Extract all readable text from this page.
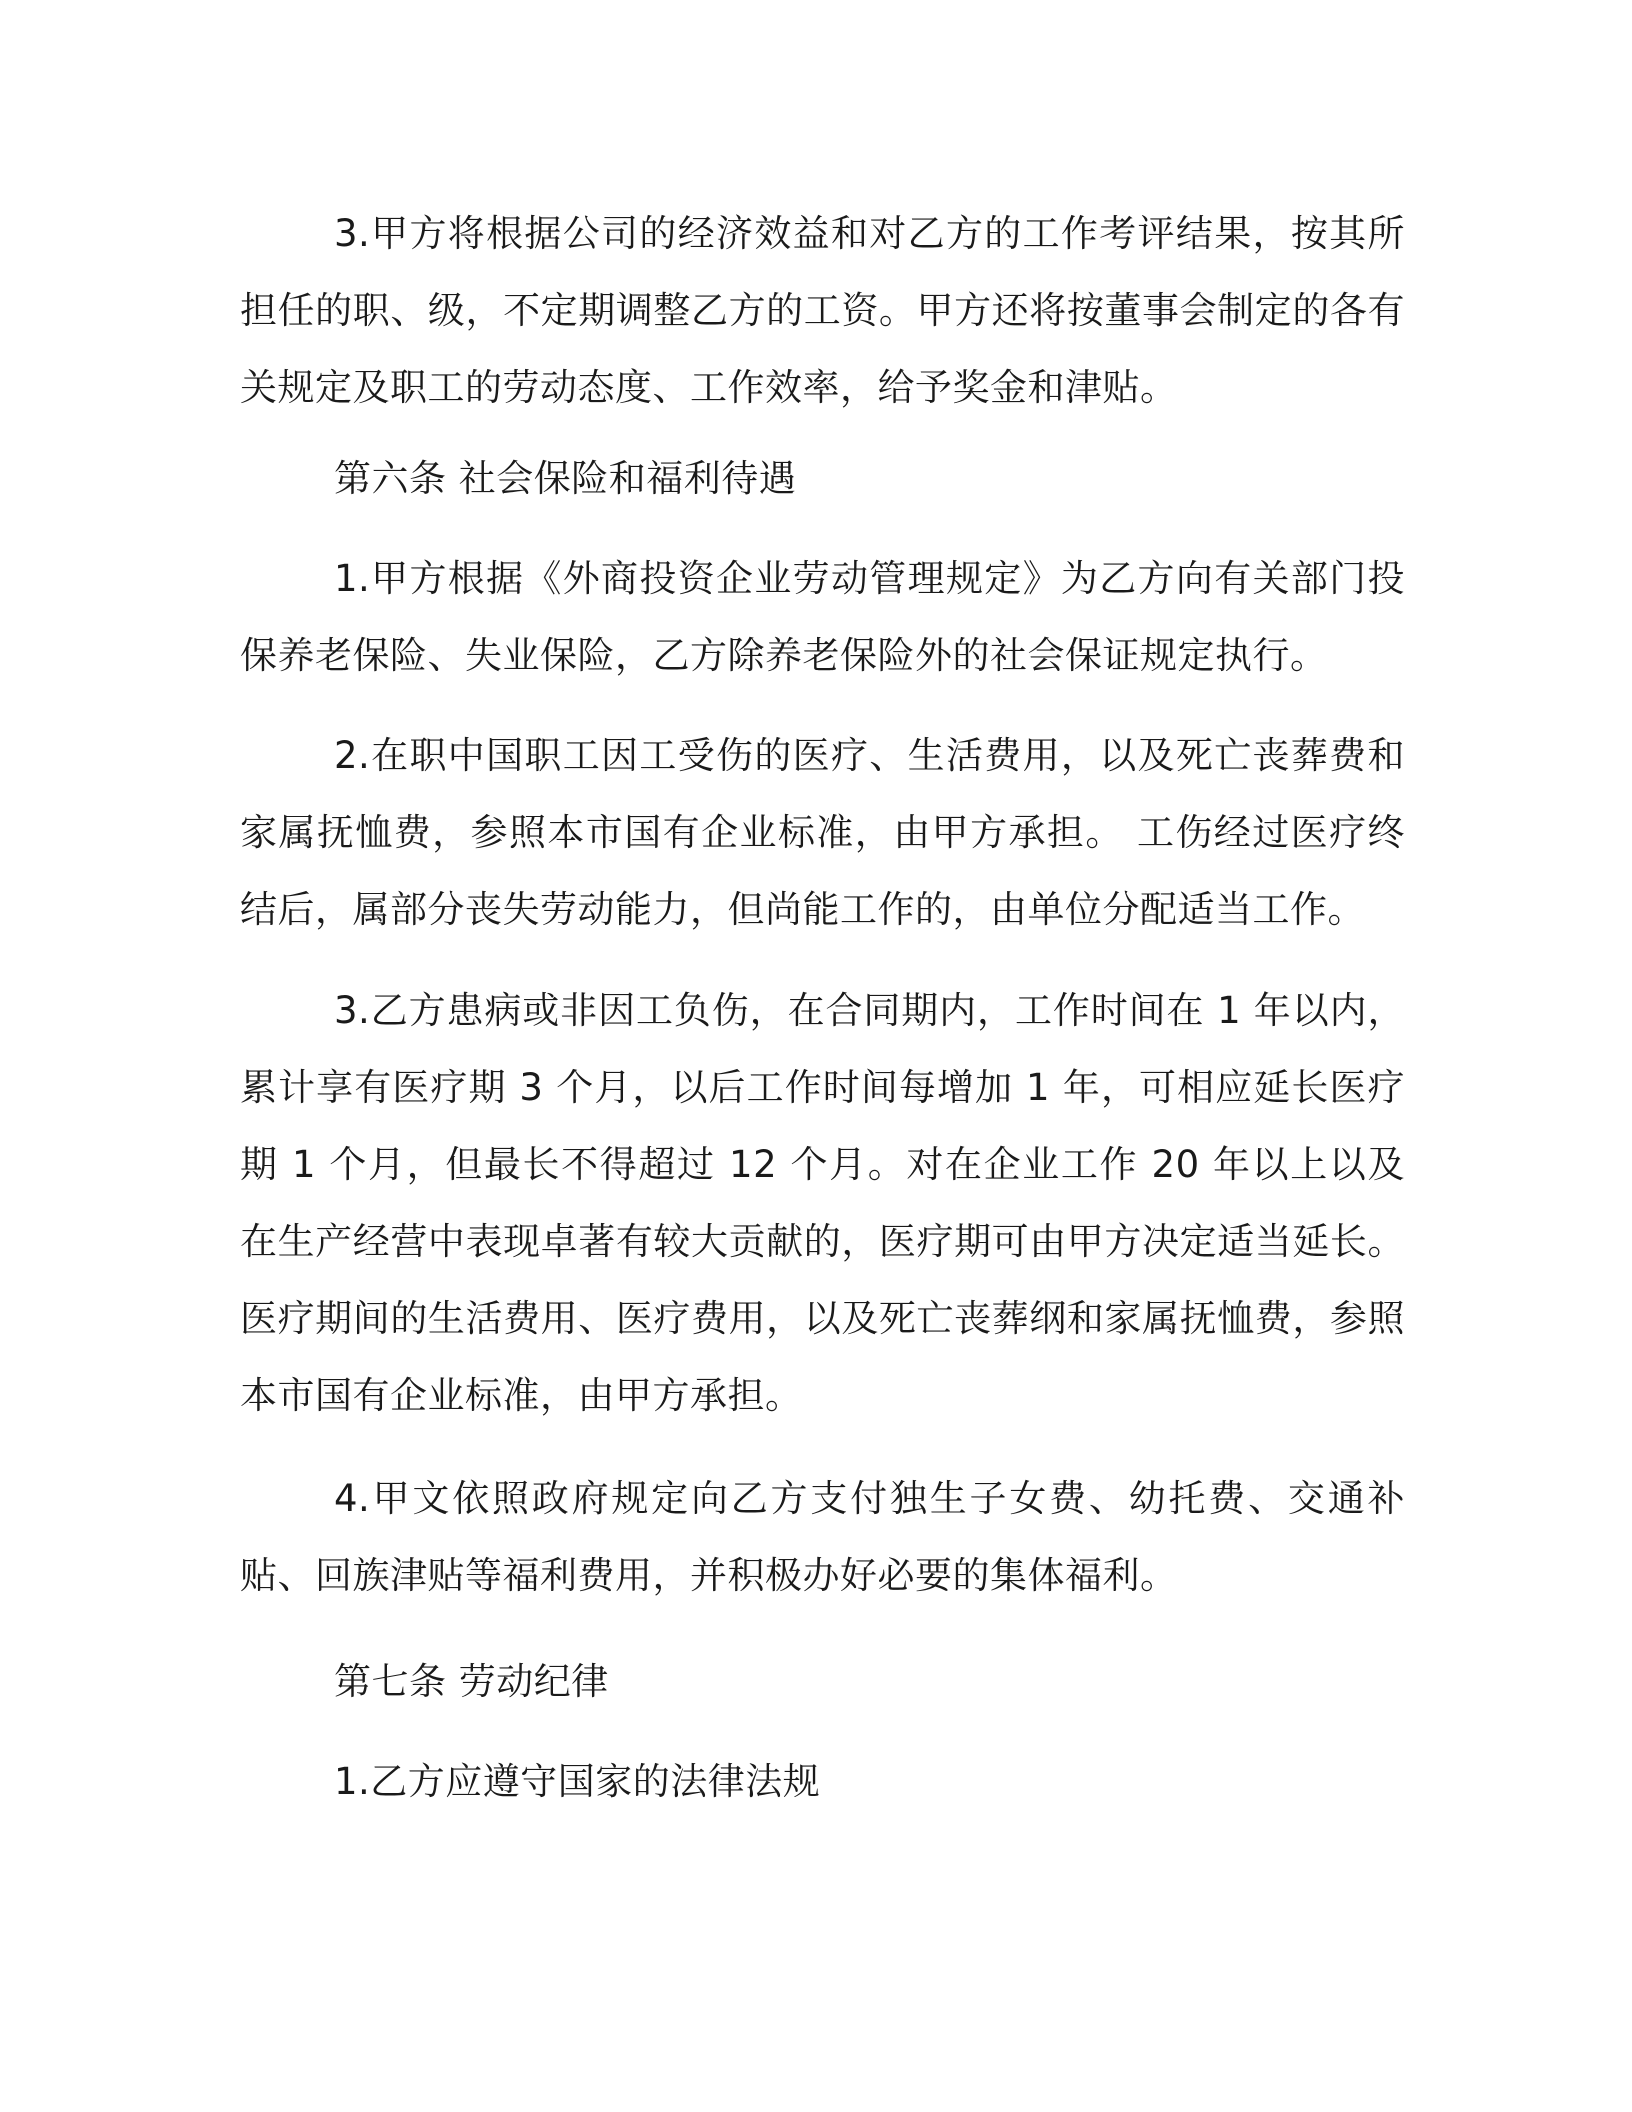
3.甲方将根据公司的经济效益和对乙方的工作考评结果，按其所担任的职、级，不定期调整乙方的工资。甲方还将按董事会制定的各有关规定及职工的劳动态度、工作效率，给予奖金和津贴。

第六条 社会保险和福利待遇

1.甲方根据《外商投资企业劳动管理规定》为乙方向有关部门投保养老保险、失业保险，乙方除养老保险外的社会保证规定执行。

2.在职中国职工因工受伤的医疗、生活费用，以及死亡丧葬费和家属抚恤费，参照本市国有企业标准，由甲方承担。 工伤经过医疗终结后，属部分丧失劳动能力，但尚能工作的，由单位分配适当工作。

3.乙方患病或非因工负伤，在合同期内，工作时间在 1 年以内，累计享有医疗期 3 个月，以后工作时间每增加 1 年，可相应延长医疗期 1 个月，但最长不得超过 12 个月。对在企业工作 20 年以上以及在生产经营中表现卓著有较大贡献的，医疗期可由甲方决定适当延长。医疗期间的生活费用、医疗费用，以及死亡丧葬纲和家属抚恤费，参照本市国有企业标准，由甲方承担。

4.甲文依照政府规定向乙方支付独生子女费、幼托费、交通补贴、回族津贴等福利费用，并积极办好必要的集体福利。

第七条 劳动纪律

1.乙方应遵守国家的法律法规
